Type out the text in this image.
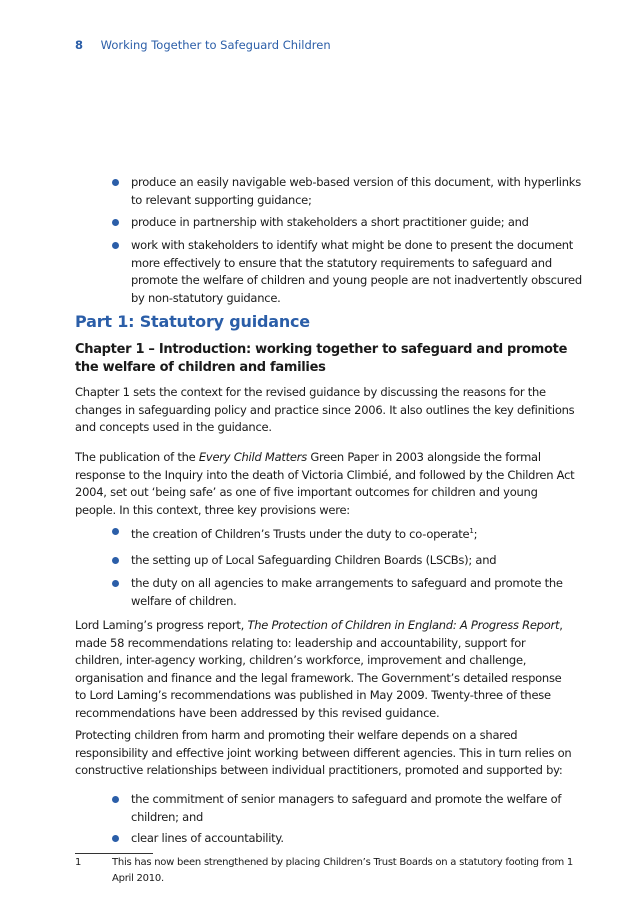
8 Working Together to Safeguard Children
produce an easily navigable web-based version of this document, with hyperlinks to relevant supporting guidance;
produce in partnership with stakeholders a short practitioner guide; and
work with stakeholders to identify what might be done to present the document more effectively to ensure that the statutory requirements to safeguard and promote the welfare of children and young people are not inadvertently obscured by non-statutory guidance.
Part 1: Statutory guidance
Chapter 1 – Introduction: working together to safeguard and promote the welfare of children and families

Chapter 1 sets the context for the revised guidance by discussing the reasons for the changes in safeguarding policy and practice since 2006. It also outlines the key definitions and concepts used in the guidance.

The publication of the Every Child Matters Green Paper in 2003 alongside the formal response to the Inquiry into the death of Victoria Climbié, and followed by the Children Act 2004, set out ‘being safe’ as one of five important outcomes for children and young people. In this context, three key provisions were:

the creation of Children’s Trusts under the duty to co-operate$^1$;
the setting up of Local Safeguarding Children Boards (LSCBs); and
the duty on all agencies to make arrangements to safeguard and promote the welfare of children.

Lord Laming’s progress report, The Protection of Children in England: A Progress Report, made 58 recommendations relating to: leadership and accountability, support for children, inter-agency working, children’s workforce, improvement and challenge, organisation and finance and the legal framework. The Government’s detailed response to Lord Laming’s recommendations was published in May 2009. Twenty-three of these recommendations have been addressed by this revised guidance.

Protecting children from harm and promoting their welfare depends on a shared responsibility and effective joint working between different agencies. This in turn relies on constructive relationships between individual practitioners, promoted and supported by:

the commitment of senior managers to safeguard and promote the welfare of children; and
clear lines of accountability.
1	This has now been strengthened by placing Children’s Trust Boards on a statutory footing from 1 April 2010.
